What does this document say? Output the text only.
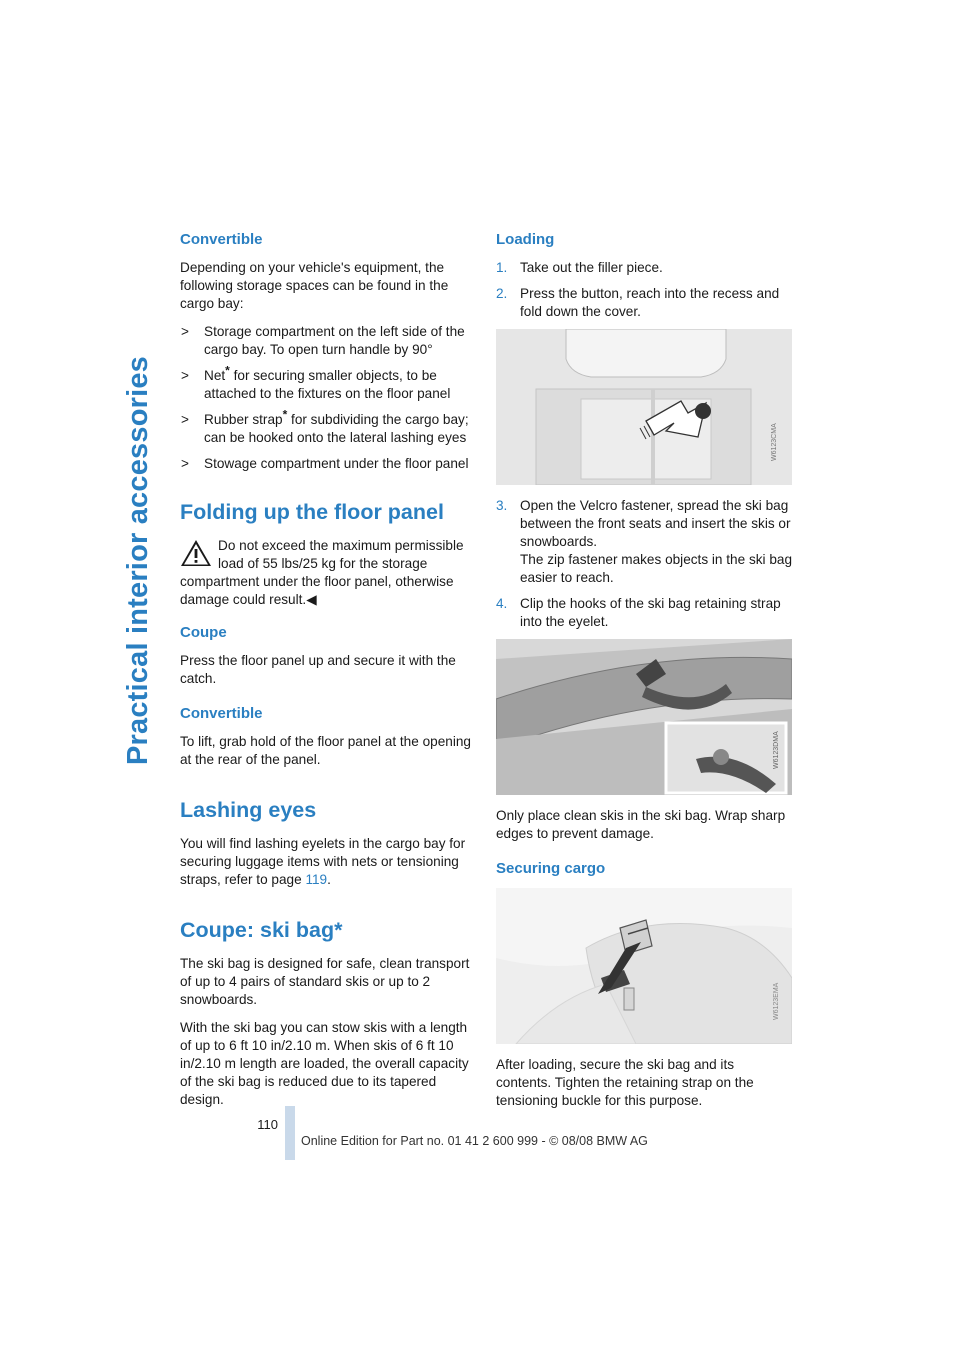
Practical interior accessories
Convertible

Depending on your vehicle's equipment, the following storage spaces can be found in the cargo bay:

> Storage compartment on the left side of the cargo bay. To open turn handle by 90°
> Net* for securing smaller objects, to be attached to the fixtures on the floor panel
> Rubber strap* for subdividing the cargo bay; can be hooked onto the lateral lashing eyes
> Stowage compartment under the floor panel
Folding up the floor panel
Do not exceed the maximum permissible load of 55 lbs/25 kg for the storage compartment under the floor panel, otherwise damage could result.◀
Coupe

Press the floor panel up and secure it with the catch.

Convertible

To lift, grab hold of the floor panel at the opening at the rear of the panel.

Lashing eyes

You will find lashing eyelets in the cargo bay for securing luggage items with nets or tensioning straps, refer to page 119.

Coupe: ski bag*

The ski bag is designed for safe, clean transport of up to 4 pairs of standard skis or up to 2 snowboards.

With the ski bag you can stow skis with a length of up to 6 ft 10 in/2.10 m. When skis of 6 ft 10 in/2.10 m length are loaded, the overall capacity of the ski bag is reduced due to its tapered design.

Loading
1. Take out the filler piece.
2. Press the button, reach into the recess and fold down the cover.
W6123CMA
3. Open the Velcro fastener, spread the ski bag between the front seats and insert the skis or snowboards.
The zip fastener makes objects in the ski bag easier to reach.
4. Clip the hooks of the ski bag retaining strap into the eyelet.
W6123DMA

Only place clean skis in the ski bag. Wrap sharp edges to prevent damage.

Securing cargo
W6123EMA

After loading, secure the ski bag and its contents. Tighten the retaining strap on the tensioning buckle for this purpose.

110
Online Edition for Part no. 01 41 2 600 999 - © 08/08 BMW AG
